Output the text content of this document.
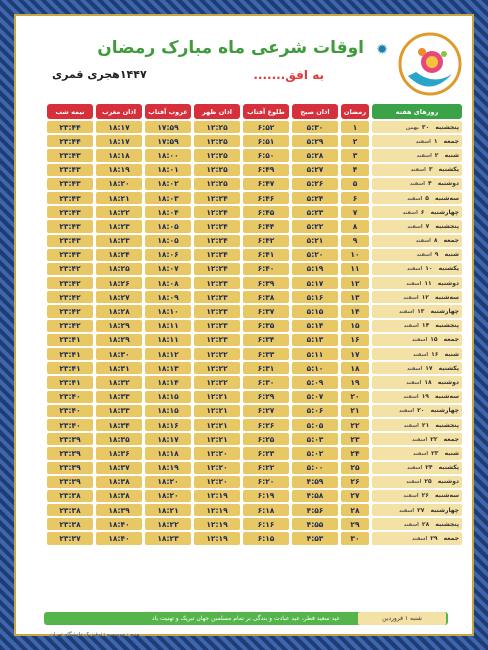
✹
اوقات شرعی ماه مبارک رمضان
به افق.......
۱۴۴۷هجری قمری
روزهای هفته	رمضان	اذان صبح	طلوع آفتاب	اذان ظهر	غروب آفتاب	اذان مغرب	نیمه شب
پنجشنبه ۳۰بهمن	۱	۵:۳۰	۶:۵۲	۱۲:۲۵	۱۷:۵۹	۱۸:۱۷	۲۳:۴۴
جمعه ۱اسفند	۲	۵:۲۹	۶:۵۱	۱۲:۲۵	۱۷:۵۹	۱۸:۱۷	۲۳:۴۴
شنبه ۲اسفند	۳	۵:۲۸	۶:۵۰	۱۲:۲۵	۱۸:۰۰	۱۸:۱۸	۲۳:۴۳
یکشنبه ۳اسفند	۴	۵:۲۷	۶:۴۹	۱۲:۲۵	۱۸:۰۱	۱۸:۱۹	۲۳:۴۳
دوشنبه ۴اسفند	۵	۵:۲۶	۶:۴۷	۱۲:۲۵	۱۸:۰۲	۱۸:۲۰	۲۳:۴۳
سه‌شنبه ۵اسفند	۶	۵:۲۴	۶:۴۶	۱۲:۲۴	۱۸:۰۳	۱۸:۲۱	۲۳:۴۳
چهارشنبه ۶اسفند	۷	۵:۲۳	۶:۴۵	۱۲:۲۴	۱۸:۰۴	۱۸:۲۲	۲۳:۴۳
پنجشنبه ۷اسفند	۸	۵:۲۲	۶:۴۴	۱۲:۲۴	۱۸:۰۵	۱۸:۲۳	۲۳:۴۳
جمعه ۸اسفند	۹	۵:۲۱	۶:۴۲	۱۲:۲۴	۱۸:۰۵	۱۸:۲۳	۲۳:۴۳
شنبه ۹اسفند	۱۰	۵:۲۰	۶:۴۱	۱۲:۲۴	۱۸:۰۶	۱۸:۲۴	۲۳:۴۳
یکشنبه ۱۰اسفند	۱۱	۵:۱۹	۶:۴۰	۱۲:۲۴	۱۸:۰۷	۱۸:۲۵	۲۳:۴۲
دوشنبه ۱۱اسفند	۱۲	۵:۱۷	۶:۳۹	۱۲:۲۳	۱۸:۰۸	۱۸:۲۶	۲۳:۴۲
سه‌شنبه ۱۲اسفند	۱۳	۵:۱۶	۶:۳۸	۱۲:۲۳	۱۸:۰۹	۱۸:۲۷	۲۳:۴۲
چهارشنبه ۱۳اسفند	۱۴	۵:۱۵	۶:۳۷	۱۲:۲۳	۱۸:۱۰	۱۸:۲۸	۲۳:۴۲
پنجشنبه ۱۴اسفند	۱۵	۵:۱۴	۶:۳۵	۱۲:۲۳	۱۸:۱۱	۱۸:۲۹	۲۳:۴۲
جمعه ۱۵اسفند	۱۶	۵:۱۳	۶:۳۴	۱۲:۲۳	۱۸:۱۱	۱۸:۲۹	۲۳:۴۱
شنبه ۱۶اسفند	۱۷	۵:۱۱	۶:۳۳	۱۲:۲۲	۱۸:۱۲	۱۸:۳۰	۲۳:۴۱
یکشنبه ۱۷اسفند	۱۸	۵:۱۰	۶:۳۱	۱۲:۲۲	۱۸:۱۳	۱۸:۳۱	۲۳:۴۱
دوشنبه ۱۸اسفند	۱۹	۵:۰۹	۶:۳۰	۱۲:۲۲	۱۸:۱۴	۱۸:۳۲	۲۳:۴۱
سه‌شنبه ۱۹اسفند	۲۰	۵:۰۷	۶:۲۹	۱۲:۲۱	۱۸:۱۵	۱۸:۳۳	۲۳:۴۰
چهارشنبه ۲۰اسفند	۲۱	۵:۰۶	۶:۲۷	۱۲:۲۱	۱۸:۱۵	۱۸:۳۳	۲۳:۴۰
پنجشنبه ۲۱اسفند	۲۲	۵:۰۵	۶:۲۶	۱۲:۲۱	۱۸:۱۶	۱۸:۳۴	۲۳:۴۰
جمعه ۲۲اسفند	۲۳	۵:۰۳	۶:۲۵	۱۲:۲۱	۱۸:۱۷	۱۸:۳۵	۲۳:۳۹
شنبه ۲۳اسفند	۲۴	۵:۰۲	۶:۲۳	۱۲:۲۰	۱۸:۱۸	۱۸:۳۶	۲۳:۳۹
یکشنبه ۲۴اسفند	۲۵	۵:۰۰	۶:۲۲	۱۲:۲۰	۱۸:۱۹	۱۸:۳۷	۲۳:۳۹
دوشنبه ۲۵اسفند	۲۶	۴:۵۹	۶:۲۰	۱۲:۲۰	۱۸:۲۰	۱۸:۳۸	۲۳:۳۹
سه‌شنبه ۲۶اسفند	۲۷	۴:۵۸	۶:۱۹	۱۲:۱۹	۱۸:۲۰	۱۸:۳۸	۲۳:۳۸
چهارشنبه ۲۷اسفند	۲۸	۴:۵۶	۶:۱۸	۱۲:۱۹	۱۸:۲۱	۱۸:۳۹	۲۳:۳۸
پنجشنبه ۲۸اسفند	۲۹	۴:۵۵	۶:۱۶	۱۲:۱۹	۱۸:۲۲	۱۸:۴۰	۲۳:۳۸
جمعه ۲۹اسفند	۳۰	۴:۵۳	۶:۱۵	۱۲:۱۹	۱۸:۲۳	۱۸:۴۰	۲۳:۳۷
عید سعید فطر، عید عبادت و بندگی بر تمام مسلمین جهان تبریک و تهنیت باد	شنبه ۱ فروردین
منبع : موسسه ژئوفیزیک دانشگاه تهران
